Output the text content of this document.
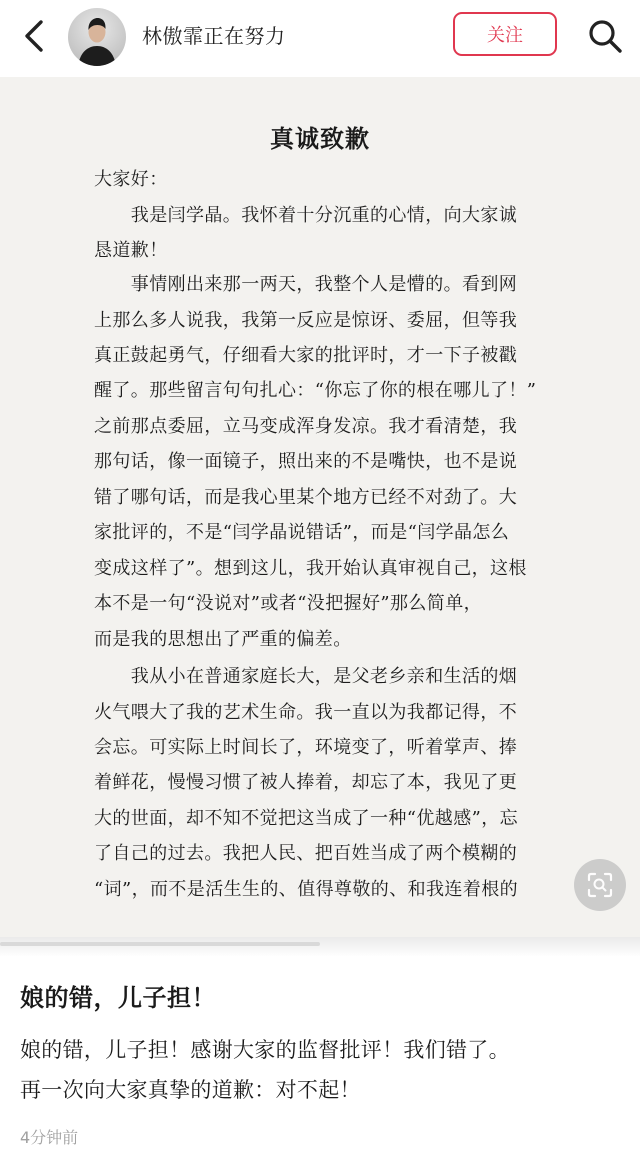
林傲霏正在努力	关注
真诚致歉
大家好：
　　我是闫学晶。我怀着十分沉重的心情，向大家诚
恳道歉！
　　事情刚出来那一两天，我整个人是懵的。看到网
上那么多人说我，我第一反应是惊讶、委屈，但等我
真正鼓起勇气，仔细看大家的批评时，才一下子被戳
醒了。那些留言句句扎心：“你忘了你的根在哪儿了！”
之前那点委屈，立马变成浑身发凉。我才看清楚，我
那句话，像一面镜子，照出来的不是嘴快，也不是说
错了哪句话，而是我心里某个地方已经不对劲了。大
家批评的，不是“闫学晶说错话”，而是“闫学晶怎么
变成这样了”。想到这儿，我开始认真审视自己，这根
本不是一句“没说对”或者“没把握好”那么简单，
而是我的思想出了严重的偏差。
　　我从小在普通家庭长大，是父老乡亲和生活的烟
火气喂大了我的艺术生命。我一直以为我都记得，不
会忘。可实际上时间长了，环境变了，听着掌声、捧
着鲜花，慢慢习惯了被人捧着，却忘了本，我见了更
大的世面，却不知不觉把这当成了一种“优越感”，忘
了自己的过去。我把人民、把百姓当成了两个模糊的
“词”，而不是活生生的、值得尊敬的、和我连着根的
娘的错，儿子担！
娘的错，儿子担！感谢大家的监督批评！我们错了。
再一次向大家真挚的道歉：对不起！
4分钟前
